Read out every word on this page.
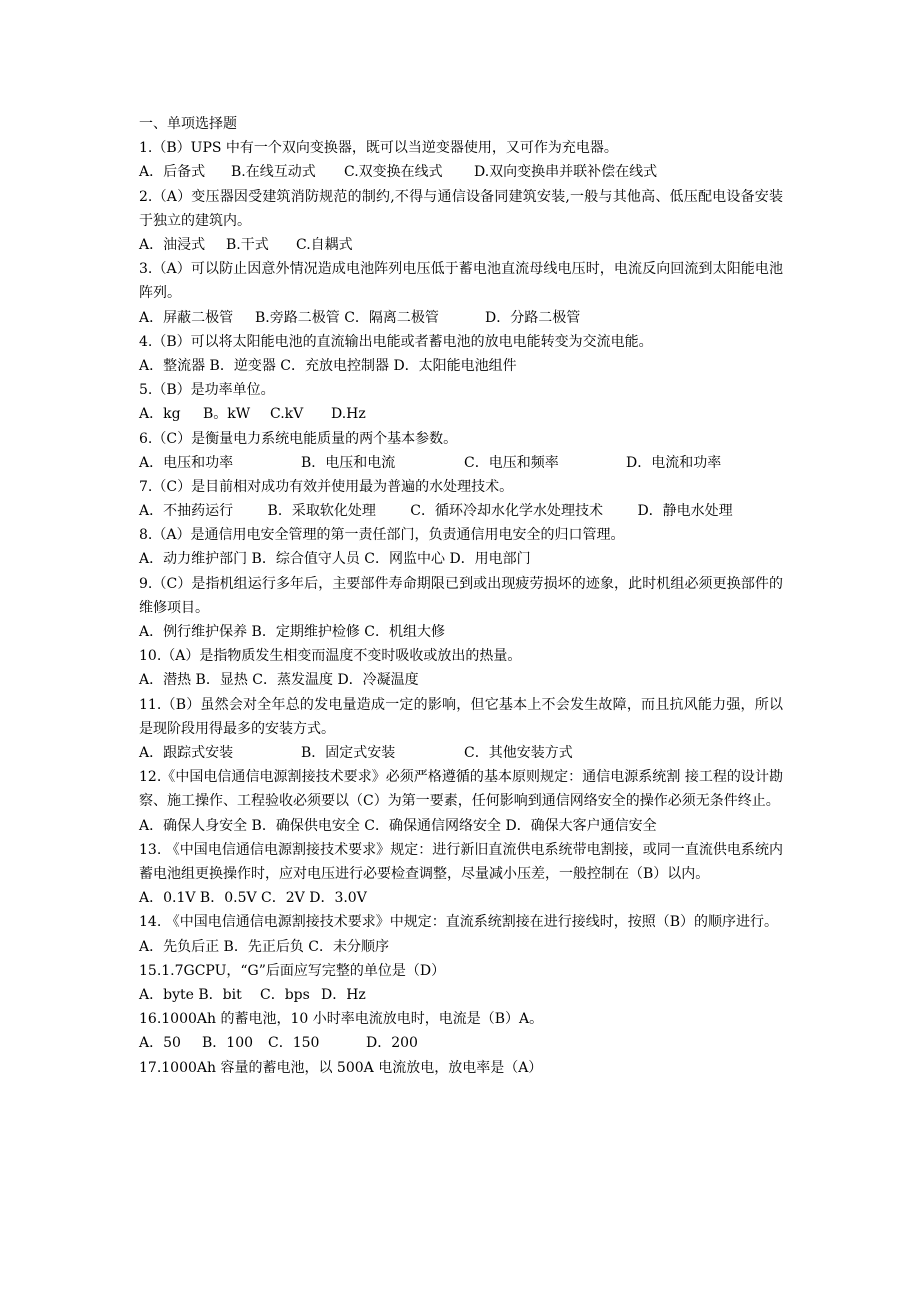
一、单项选择题
1.（B）UPS 中有一个双向变换器，既可以当逆变器使用，又可作为充电器。
A．后备式	B.在线互动式	C.双变换在线式	D.双向变换串并联补偿在线式
2.（A）变压器因受建筑消防规范的制约,不得与通信设备同建筑安装,一般与其他高、低压配电设备安装于独立的建筑内。
A．油浸式	B.干式	C.自耦式
3.（A）可以防止因意外情况造成电池阵列电压低于蓄电池直流母线电压时，电流反向回流到太阳能电池阵列。
A．屏蔽二极管	B.旁路二极管 C．隔离二极管	D．分路二极管
4.（B）可以将太阳能电池的直流输出电能或者蓄电池的放电电能转变为交流电能。
A．整流器 B．逆变器 C．充放电控制器 D．太阳能电池组件
5.（B）是功率单位。
A．kg	B。kW	C.kV	D.Hz
6.（C）是衡量电力系统电能质量的两个基本参数。
A．电压和功率	B．电压和电流	C．电压和频率	D．电流和功率
7.（C）是目前相对成功有效并使用最为普遍的水处理技术。
A．不抽药运行 B．采取软化处理 C．循环冷却水化学水处理技术 D．静电水处理
8.（A）是通信用电安全管理的第一责任部门，负责通信用电安全的归口管理。
A．动力维护部门 B．综合值守人员 C．网监中心 D．用电部门
9.（C）是指机组运行多年后，主要部件寿命期限已到或出现疲劳损坏的迹象，此时机组必须更换部件的维修项目。
A．例行维护保养 B．定期维护检修 C．机组大修
10.（A）是指物质发生相变而温度不变时吸收或放出的热量。
A．潜热 B．显热 C．蒸发温度 D．冷凝温度
11.（B）虽然会对全年总的发电量造成一定的影响，但它基本上不会发生故障，而且抗风能力强，所以是现阶段用得最多的安装方式。
A．跟踪式安装	B．固定式安装	C．其他安装方式
12.《中国电信通信电源割接技术要求》必须严格遵循的基本原则规定：通信电源系统割 接工程的设计勘察、施工操作、工程验收必须要以（C）为第一要素，任何影响到通信网络安全的操作必须无条件终止。
A．确保人身安全 B．确保供电安全 C．确保通信网络安全 D．确保大客户通信安全
13. 《中国电信通信电源割接技术要求》规定：进行新旧直流供电系统带电割接，或同一直流供电系统内蓄电池组更换操作时，应对电压进行必要检查调整，尽量减小压差，一般控制在（B）以内。
A．0.1V B．0.5V C．2V D．3.0V
14. 《中国电信通信电源割接技术要求》中规定：直流系统割接在进行接线时，按照（B）的顺序进行。
A．先负后正 B．先正后负 C．未分顺序
15.1.7GCPU，“G”后面应写完整的单位是（D）
A．byte B．bit	C．bps D．Hz
16.1000Ah 的蓄电池，10 小时率电流放电时，电流是（B）A。
A．50	B．100	C．150	D．200
17.1000Ah 容量的蓄电池，以 500A 电流放电，放电率是（A）
